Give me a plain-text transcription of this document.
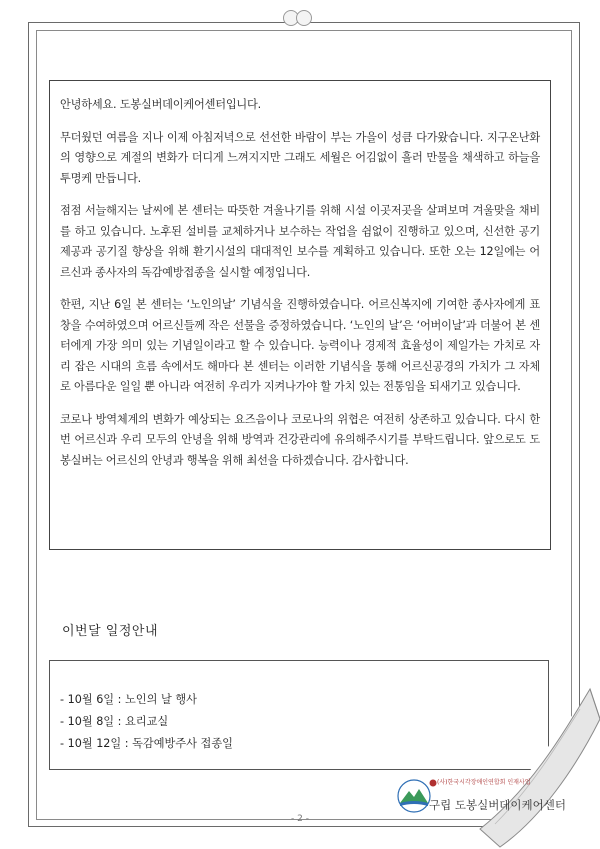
안녕하세요. 도봉실버데이케어센터입니다.

무더웠던 여름을 지나 이제 아침저녁으로 선선한 바람이 부는 가을이 성큼 다가왔습니다. 지구온난화의 영향으로 계절의 변화가 더디게 느껴지지만 그래도 세월은 어김없이 흘러 만물을 채색하고 하늘을 투명케 만듭니다.

점점 서늘해지는 날씨에 본 센터는 따뜻한 겨울나기를 위해 시설 이곳저곳을 살펴보며 겨울맞을 채비를 하고 있습니다. 노후된 설비를 교체하거나 보수하는 작업을 쉼없이 진행하고 있으며, 신선한 공기 제공과 공기질 향상을 위해 환기시설의 대대적인 보수를 계획하고 있습니다. 또한 오는 12일에는 어르신과 종사자의 독감예방접종을 실시할 예정입니다.

한편, 지난 6일 본 센터는 ‘노인의날’ 기념식을 진행하였습니다. 어르신복지에 기여한 종사자에게 표창을 수여하였으며 어르신들께 작은 선물을 증정하였습니다. ‘노인의 날’은 ‘어버이날’과 더불어 본 센터에게 가장 의미 있는 기념일이라고 할 수 있습니다. 능력이나 경제적 효율성이 제일가는 가치로 자리 잡은 시대의 흐름 속에서도 해마다 본 센터는 이러한 기념식을 통해 어르신공경의 가치가 그 자체로 아름다운 일일 뿐 아니라 여전히 우리가 지켜나가야 할 가치 있는 전통임을 되새기고 있습니다.

코로나 방역체계의 변화가 예상되는 요즈음이나 코로나의 위협은 여전히 상존하고 있습니다. 다시 한번 어르신과 우리 모두의 안녕을 위해 방역과 건강관리에 유의해주시기를 부탁드립니다. 앞으로도 도봉실버는 어르신의 안녕과 행복을 위해 최선을 다하겠습니다. 감사합니다.

이번달 일정안내
- 10월 6일 : 노인의 날 행사
- 10월 8일 : 요리교실
- 10월 12일 : 독감예방주사 접종일
(사)한국시각장애인연합회 인재사업
구립 도봉실버데이케어센터
- 2 -
